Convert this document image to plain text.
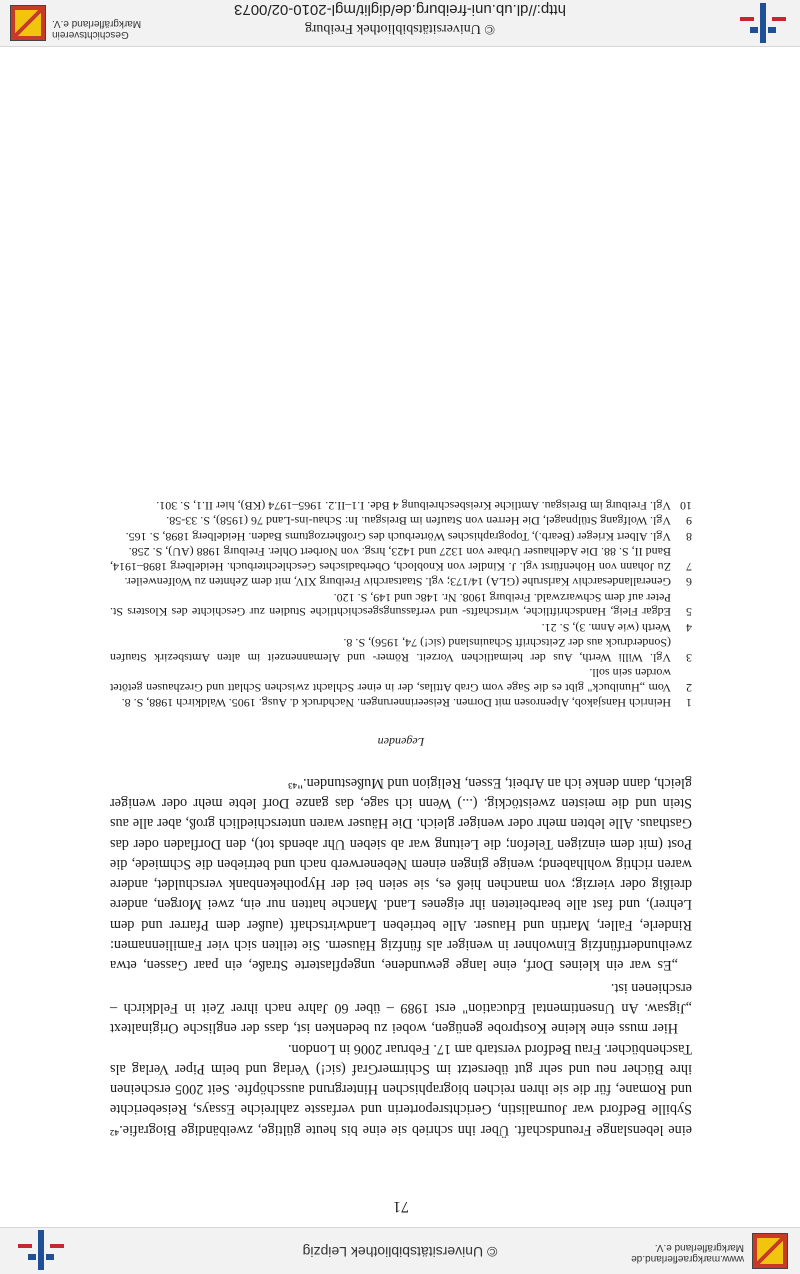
www.markgraeflerland.de
Markgräflerland e.V.
© Universitätsbibliothek Leipzig
71

eine lebenslange Freundschaft. Über ihn schrieb sie eine bis heute gültige, zweibändige Biografie.⁴² Sybille Bedford war Journalistin, Gerichtsreporterin und verfasste zahlreiche Essays, Reiseberichte und Romane, für die sie ihren reichen biographischen Hintergrund ausschöpfte. Seit 2005 erscheinen ihre Bücher neu und sehr gut übersetzt im SchirmerGraf (sic!) Verlag und beim Piper Verlag als Taschenbücher. Frau Bedford verstarb am 17. Februar 2006 in London.

Hier muss eine kleine Kostprobe genügen, wobei zu bedenken ist, dass der englische Originaltext „Jigsaw. An Unsentimental Education" erst 1989 – über 60 Jahre nach ihrer Zeit in Feldkirch – erschienen ist.

„Es war ein kleines Dorf, eine lange gewundene, ungepflasterte Straße, ein paar Gassen, etwa zweihundertfünfzig Einwohner in weniger als fünfzig Häusern. Sie teilten sich vier Familiennamen: Rinderle, Faller, Martin und Hauser. Alle betrieben Landwirtschaft (außer dem Pfarrer und dem Lehrer), und fast alle bearbeiteten ihr eigenes Land. Manche hatten nur ein, zwei Morgen, andere dreißig oder vierzig; von manchen hieß es, sie seien bei der Hypothekenbank verschuldet, andere waren richtig wohlhabend; wenige gingen einem Nebenerwerb nach und betrieben die Schmiede, die Post (mit dem einzigen Telefon; die Leitung war ab sieben Uhr abends tot), den Dorfladen oder das Gasthaus. Alle lebten mehr oder weniger gleich. Die Häuser waren unterschiedlich groß, aber alle aus Stein und die meisten zweistöckig. (...) Wenn ich sage, das ganze Dorf lebte mehr oder weniger gleich, dann denke ich an Arbeit, Essen, Religion und Mußestunden."⁴³

Legenden
1
Heinrich Hansjakob, Alpenrosen mit Dornen. Reiseerinnerungen. Nachdruck d. Ausg. 1905. Waldkirch 1988, S. 8.
2
Vom „Hunibuck" gibt es die Sage vom Grab Attilas, der in einer Schlacht zwischen Schlatt und Grezhausen getötet worden sein soll.
3
Vgl. Willi Werth, Aus der heimatlichen Vorzeit. Römer- und Alemannenzeit im alten Amtsbezirk Staufen (Sonderdruck aus der Zeitschrift Schauinsland (sic!) 74, 1956), S. 8.
4
Werth (wie Anm. 3), S. 21.
5
Edgar Fleig, Handschriftliche, wirtschafts- und verfassungsgeschichtliche Studien zur Geschichte des Klosters St. Peter auf dem Schwarzwald. Freiburg 1908. Nr. 148c und 149, S. 120.
6
Generallandesarchiv Karlsruhe (GLA) 14/173; vgl. Staatsarchiv Freiburg XIV, mit dem Zehnten zu Wolfenweiler.
7
Zu Johann von Hohenfürst vgl. J. Kindler von Knobloch, Oberbadisches Geschlechterbuch. Heidelberg 1898–1914, Band II, S. 88. Die Adelhauser Urbare von 1327 und 1423, hrsg. von Norbert Ohler. Freiburg 1988 (AU), S. 258.
8
Vgl. Albert Krieger (Bearb.), Topographisches Wörterbuch des Großherzogtums Baden. Heidelberg 1898, S. 165.
9
Vgl. Wolfgang Stülpnagel, Die Herren von Staufen im Breisgau. In: Schau-ins-Land 76 (1958), S. 33-58.
10
Vgl. Freiburg im Breisgau. Amtliche Kreisbeschreibung 4 Bde. I.1–II.2. 1965–1974 (KB), hier II.1, S. 301.
© Universitätsbibliothek Freiburg
http://dl.ub.uni-freiburg.de/diglit/mgl-2010-02/0073
Geschichtsverein
Markgräflerland e.V.
